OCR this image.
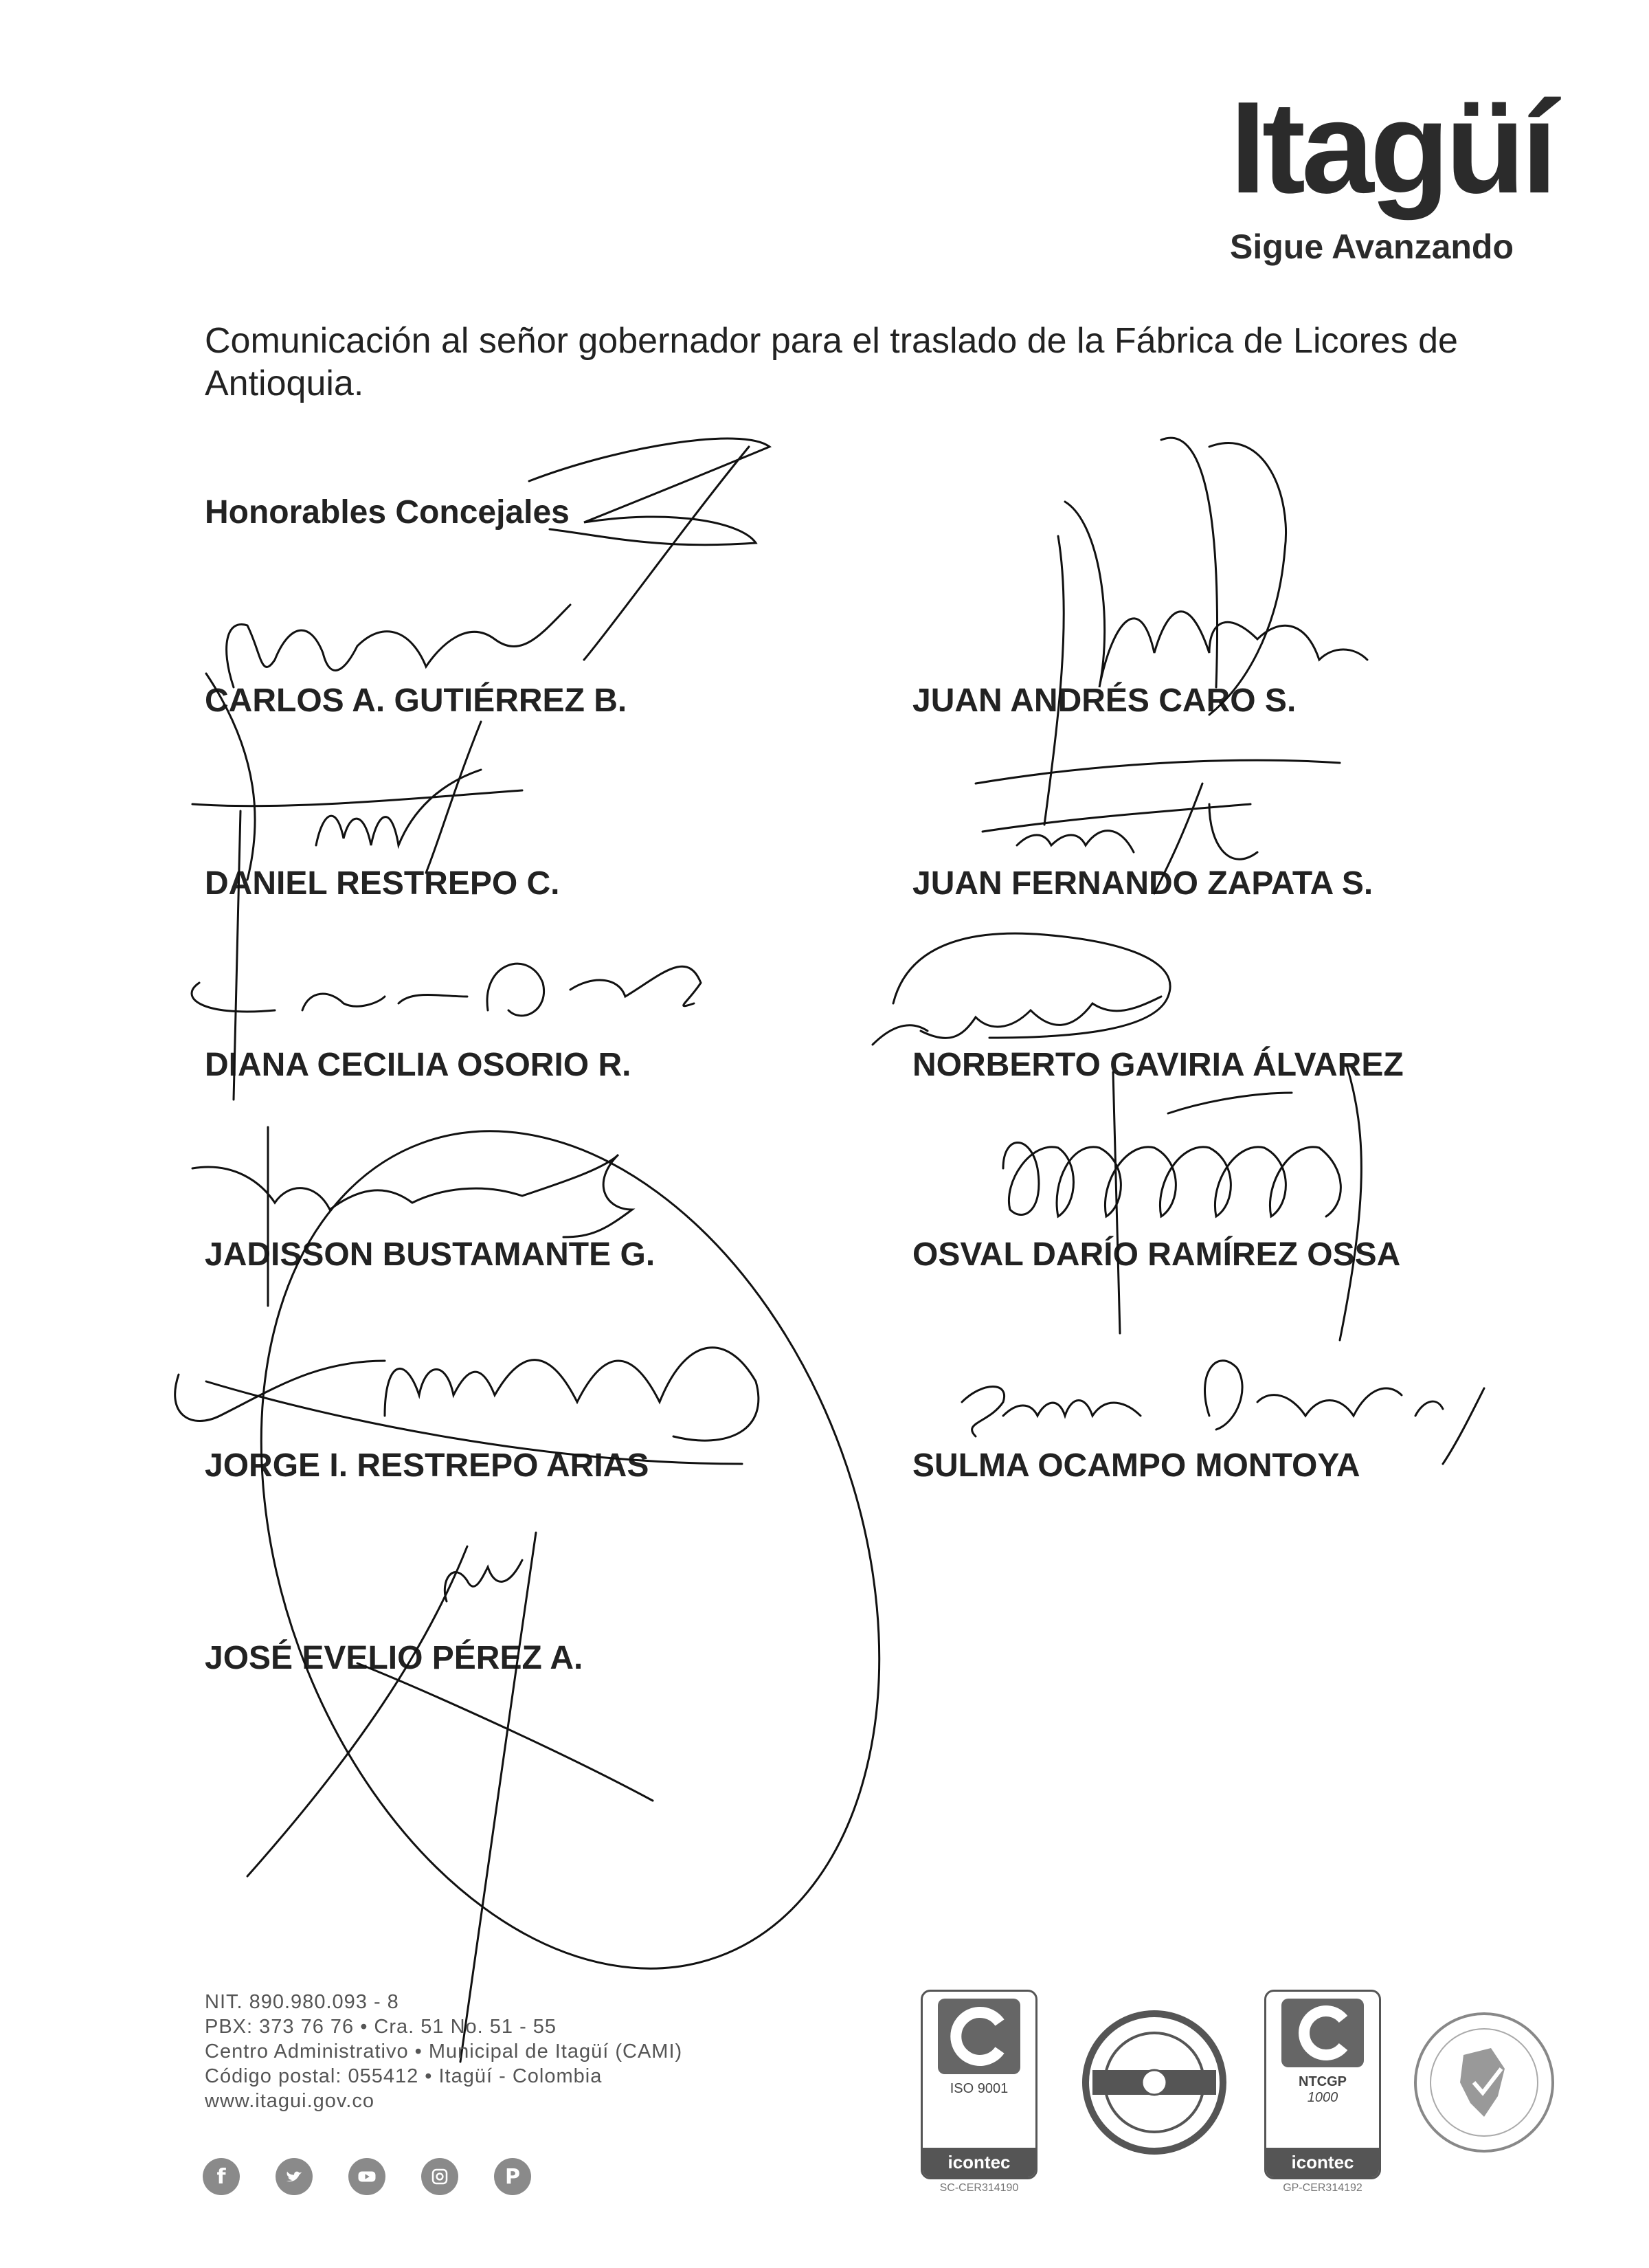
Itagüí
Sigue Avanzando
Comunicación al señor gobernador para el traslado de la Fábrica de Licores de Antioquia.
Honorables Concejales
CARLOS A. GUTIÉRREZ B.
DANIEL RESTREPO C.
DIANA CECILIA OSORIO R.
JADISSON BUSTAMANTE G.
JORGE I. RESTREPO ARIAS
JOSÉ EVELIO PÉREZ A.
JUAN ANDRÉS CARO S.
JUAN FERNANDO ZAPATA S.
NORBERTO GAVIRIA ÁLVAREZ
OSVAL DARÍO RAMÍREZ OSSA
SULMA OCAMPO MONTOYA
NIT. 890.980.093 - 8
PBX: 373 76 76 • Cra. 51 No. 51 - 55
Centro Administrativo • Municipal de Itagüí (CAMI)
Código postal: 055412 • Itagüí - Colombia
www.itagui.gov.co
f	P
ISO 9001
icontec
SC-CER314190
NTCGP
1000
icontec
GP-CER314192
